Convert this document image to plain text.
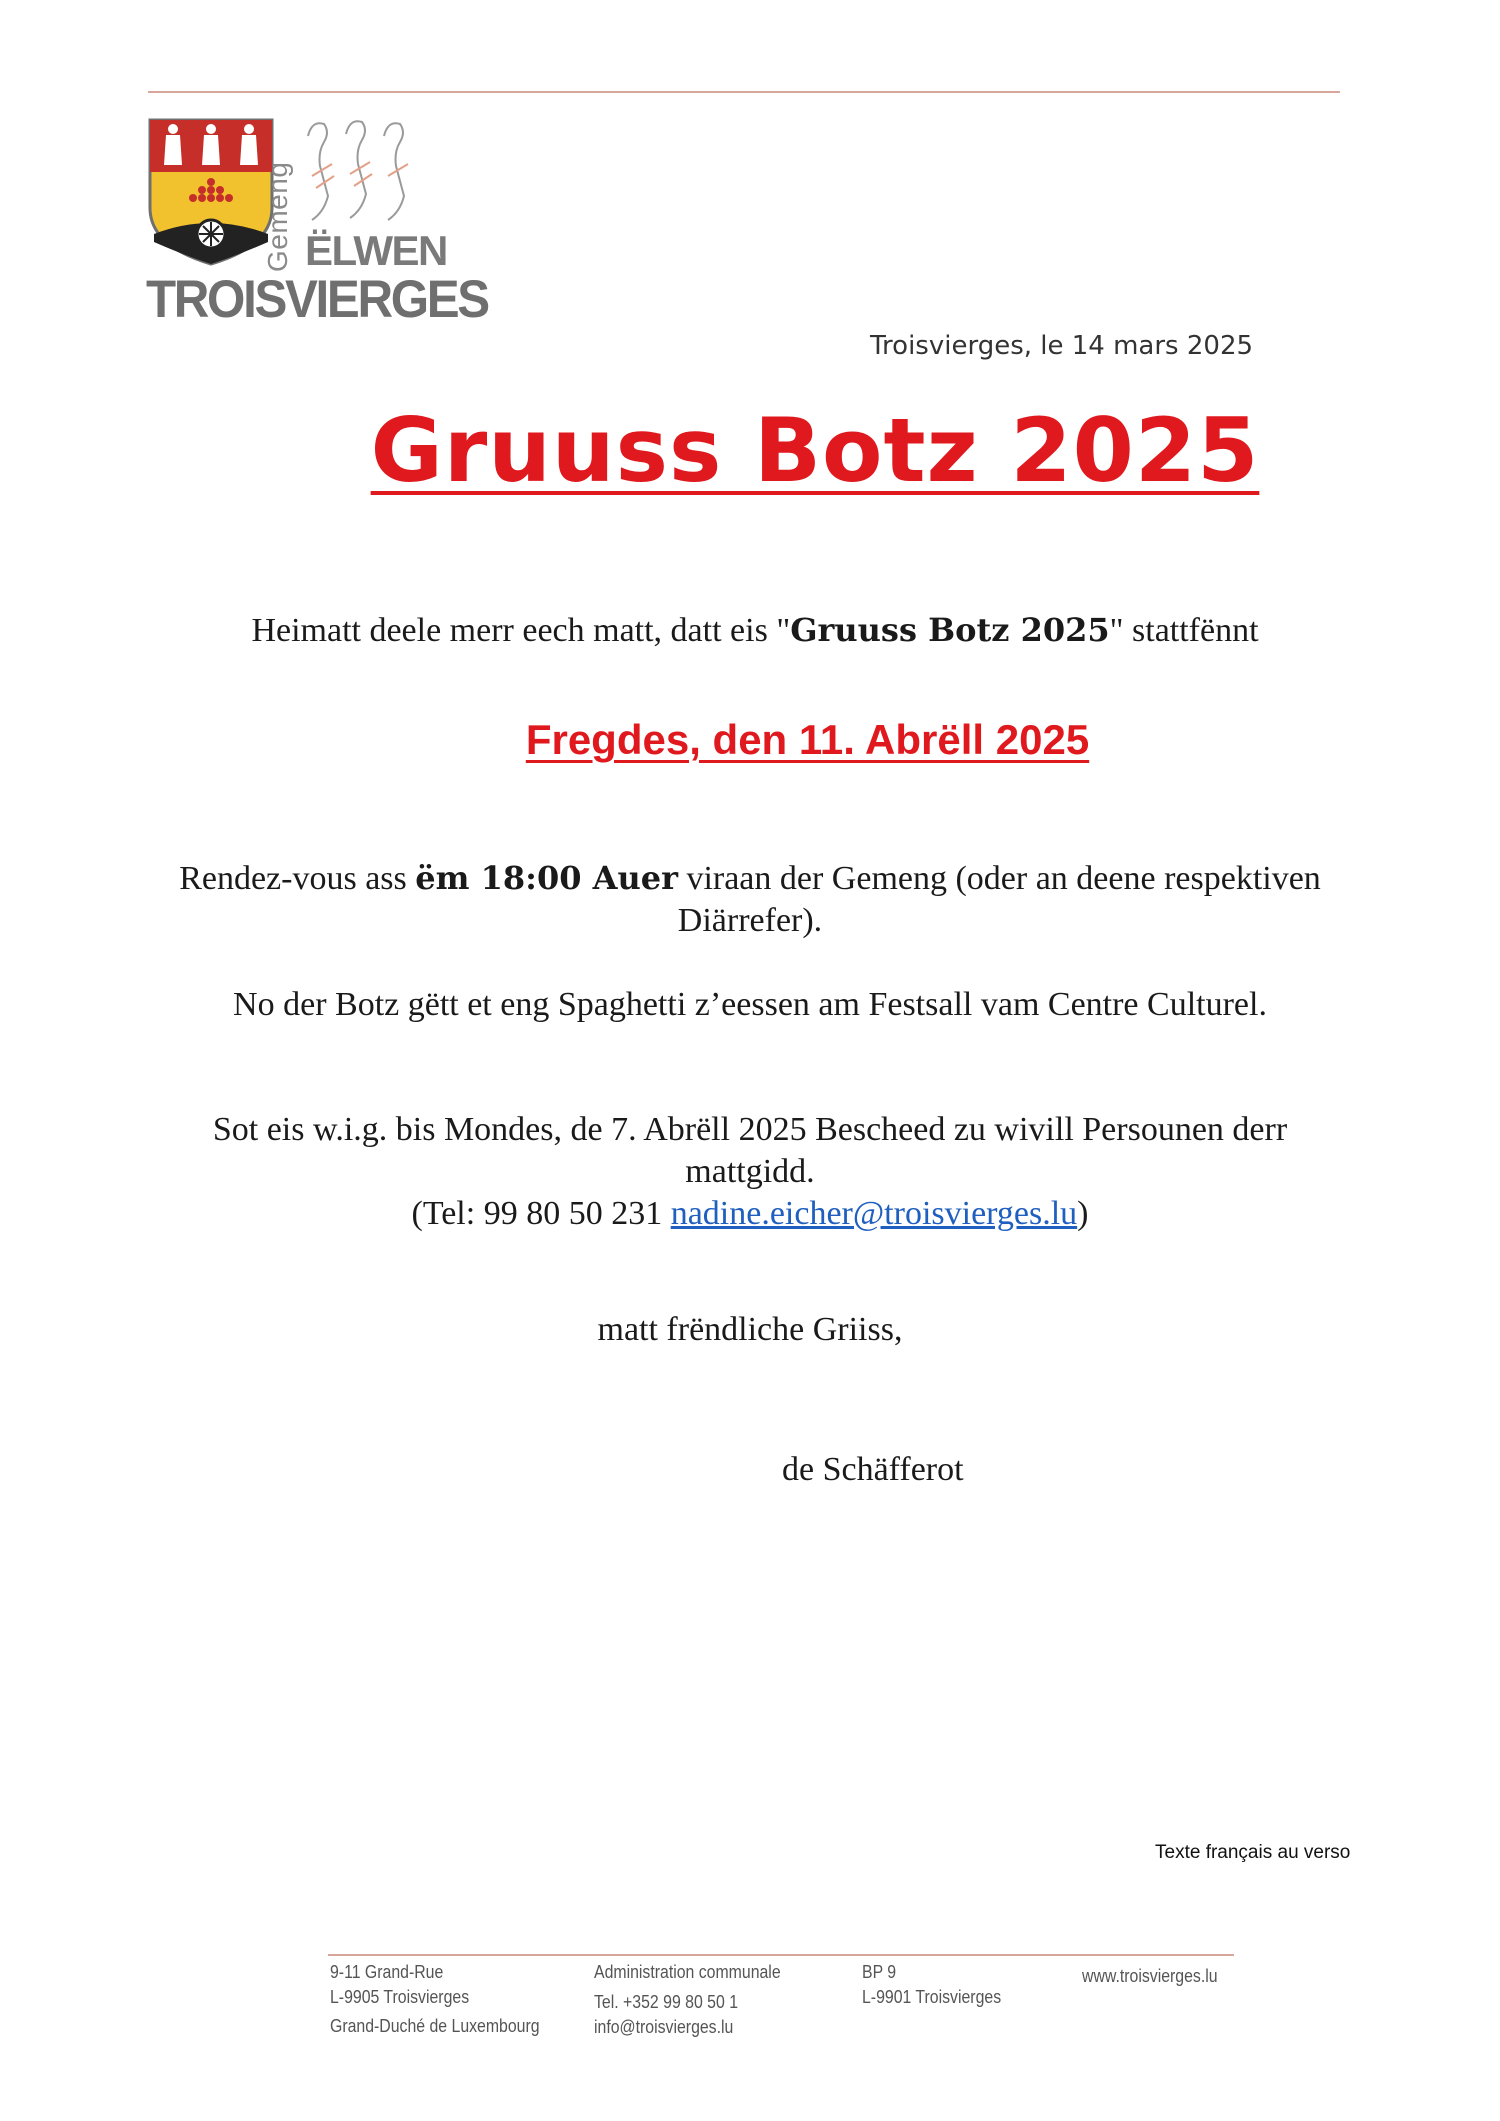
Gemeng ËLWEN
TROISVIERGES
Troisvierges, le 14 mars 2025
Gruuss Botz 2025
Heimatt deele merr eech matt, datt eis "Gruuss Botz 2025" stattfënnt
Fregdes, den 11. Abrëll 2025
Rendez-vous ass ëm 18:00 Auer viraan der Gemeng (oder an deene respektiven Diärrefer).
No der Botz gëtt et eng Spaghetti z’eessen am Festsall vam Centre Culturel.
Sot eis w.i.g. bis Mondes, de 7. Abrëll 2025 Bescheed zu wivill Persounen derr mattgidd.
(Tel: 99 80 50 231 nadine.eicher@troisvierges.lu)
matt frëndliche Griiss,
de Schäfferot
Texte français au verso
9-11 Grand-Rue
L-9905 Troisvierges
Grand-Duché de Luxembourg
Administration communale
Tel. +352 99 80 50 1
info@troisvierges.lu
BP 9
L-9901 Troisvierges
www.troisvierges.lu
